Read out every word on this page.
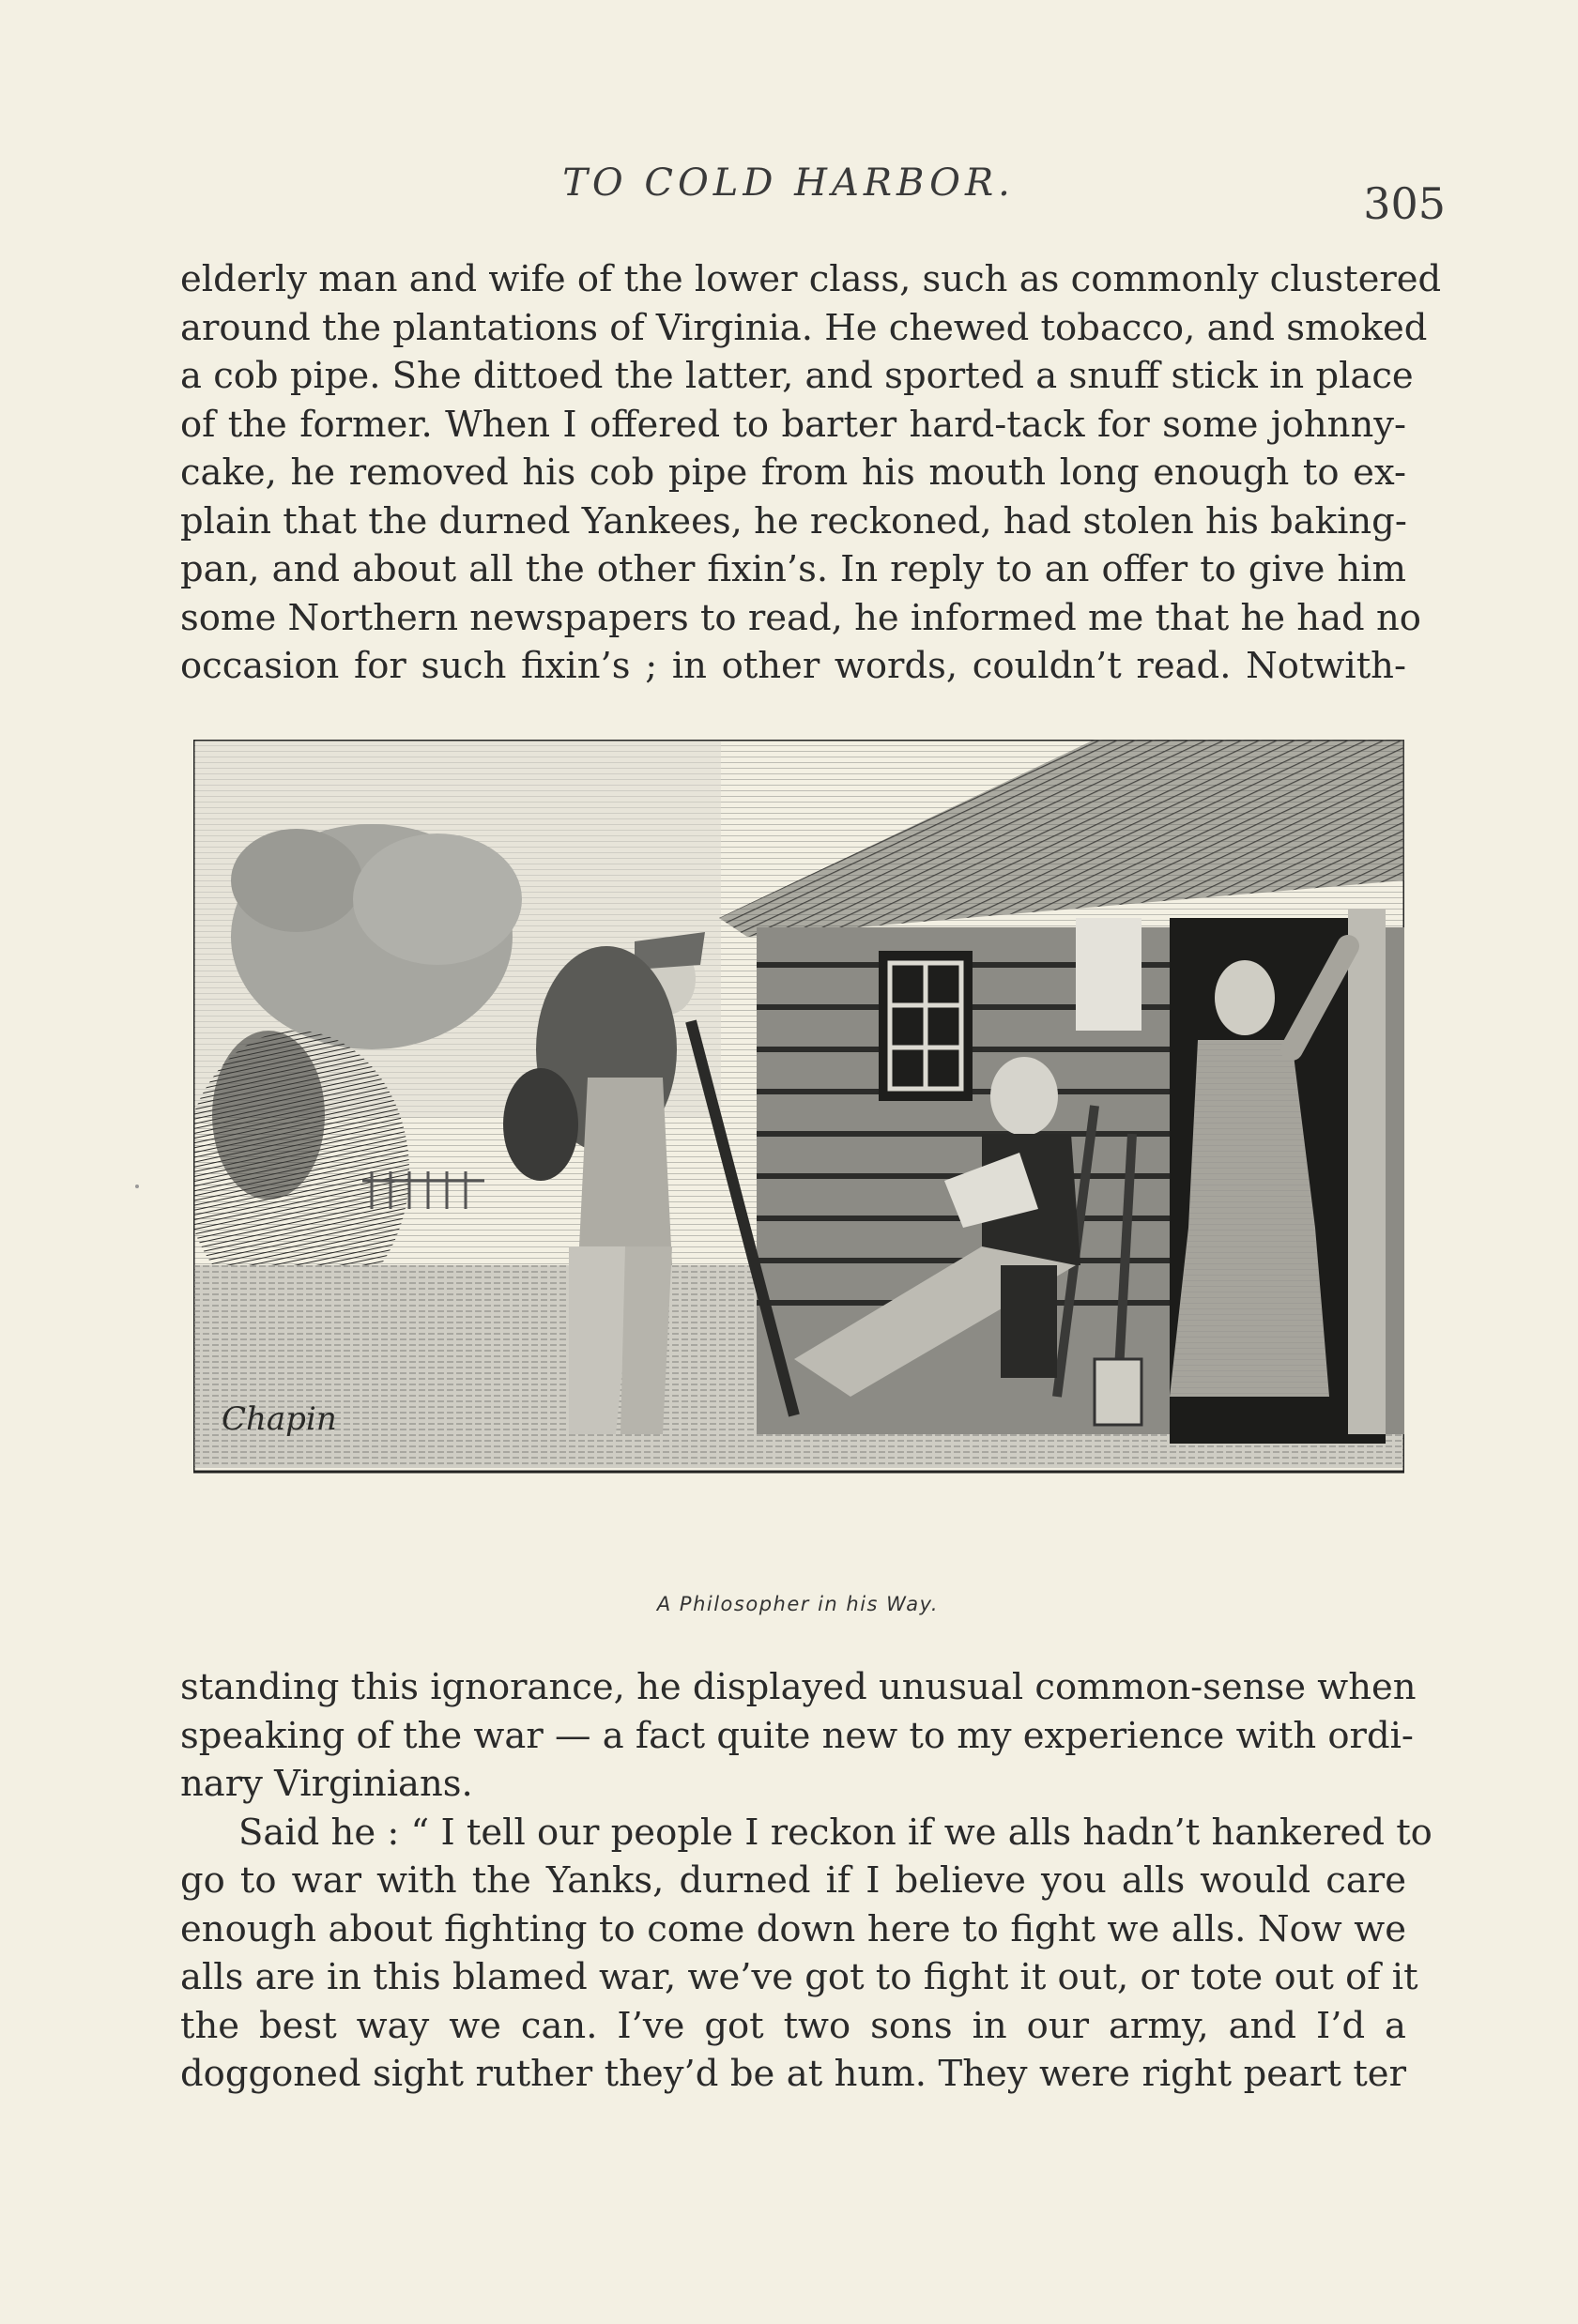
TO COLD HARBOR.	305
elderly man and wife of the lower class, such as commonly clustered
around the plantations of Virginia. He chewed tobacco, and smoked
a cob pipe. She dittoed the latter, and sported a snuff stick in place
of the former. When I offered to barter hard-tack for some johnny-
cake, he removed his cob pipe from his mouth long enough to ex-
plain that the durned Yankees, he reckoned, had stolen his baking-
pan, and about all the other fixin’s. In reply to an offer to give him
some Northern newspapers to read, he informed me that he had no
occasion for such fixin’s ; in other words, couldn’t read. Notwith-
Chapin
A Philosopher in his Way.
standing this ignorance, he displayed unusual common-sense when
speaking of the war — a fact quite new to my experience with ordi-
nary Virginians.
Said he : “ I tell our people I reckon if we alls hadn’t hankered to
go to war with the Yanks, durned if I believe you alls would care
enough about fighting to come down here to fight we alls. Now we
alls are in this blamed war, we’ve got to fight it out, or tote out of it
the best way we can. I’ve got two sons in our army, and I’d a
doggoned sight ruther they’d be at hum. They were right peart ter
